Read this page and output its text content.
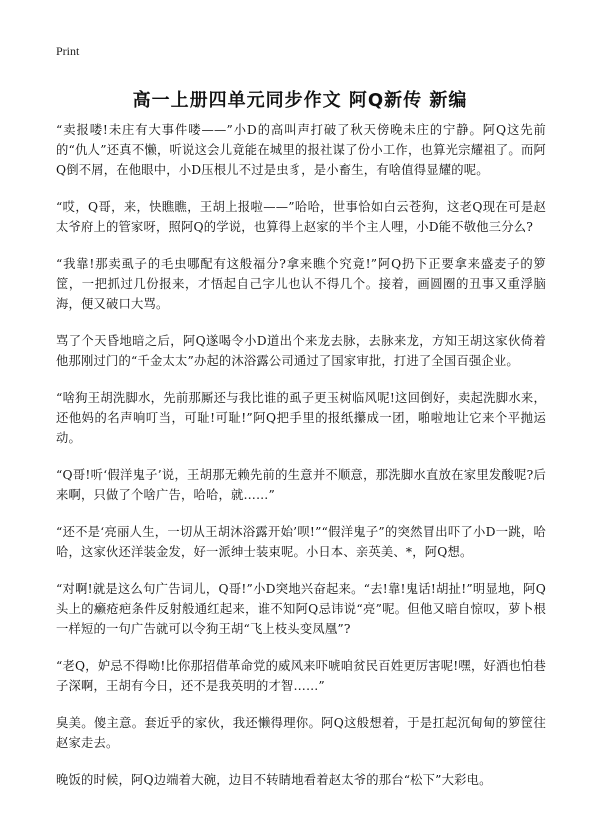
Print
高一上册四单元同步作文 阿Q新传 新编

“卖报喽!未庄有大事件喽——”小D的高叫声打破了秋天傍晚未庄的宁静。阿Q这先前的“仇人”还真不懒，听说这会儿竟能在城里的报社谋了份小工作，也算光宗耀祖了。而阿Q倒不屑，在他眼中，小D压根儿不过是虫豸，是小畜生，有啥值得显耀的呢。

“哎，Q哥，来，快瞧瞧，王胡上报啦——”哈哈，世事恰如白云苍狗，这老Q现在可是赵太爷府上的管家呀，照阿Q的学说，也算得上赵家的半个主人哩，小D能不敬他三分么?

“我靠!那卖虱子的毛虫哪配有这般福分?拿来瞧个究竟!”阿Q扔下正要拿来盛麦子的箩筐，一把抓过几份报来，才悟起自己字儿也认不得几个。接着，画圆圈的丑事又重浮脑海，便又破口大骂。

骂了个天昏地暗之后，阿Q遂喝令小D道出个来龙去脉，去脉来龙，方知王胡这家伙倚着他那刚过门的“千金太太”办起的沐浴露公司通过了国家审批，打进了全国百强企业。

“啥狗王胡洗脚水，先前那厮还与我比谁的虱子更玉树临风呢!这回倒好，卖起洗脚水来，还他妈的名声响叮当，可耻!可耻!”阿Q把手里的报纸攥成一团，啪啦地让它来个平抛运动。

“Q哥!听‘假洋鬼子’说，王胡那无赖先前的生意并不顺意，那洗脚水直放在家里发酸呢?后来啊，只做了个啥广告，哈哈，就……”

“还不是‘亮丽人生，一切从王胡沐浴露开始’呗!”“假洋鬼子”的突然冒出吓了小D一跳，哈哈，这家伙还洋装金发，好一派绅士装束呢。小日本、亲英美、*，阿Q想。

“对啊!就是这么句广告词儿，Q哥!”小D突地兴奋起来。“去!靠!鬼话!胡扯!”明显地，阿Q头上的癞疮疤条件反射般通红起来，谁不知阿Q忌讳说“亮”呢。但他又暗自惊叹，萝卜根一样短的一句广告就可以令狗王胡“飞上枝头变凤凰”?

“老Q，妒忌不得呦!比你那招借革命党的威风来吓唬咱贫民百姓更厉害呢!嘿，好酒也怕巷子深啊，王胡有今日，还不是我英明的才智……”

臭美。傻主意。套近乎的家伙，我还懒得理你。阿Q这般想着，于是扛起沉甸甸的箩筐往赵家走去。

晚饭的时候，阿Q边端着大碗，边目不转睛地看着赵太爷的那台“松下”大彩电。
